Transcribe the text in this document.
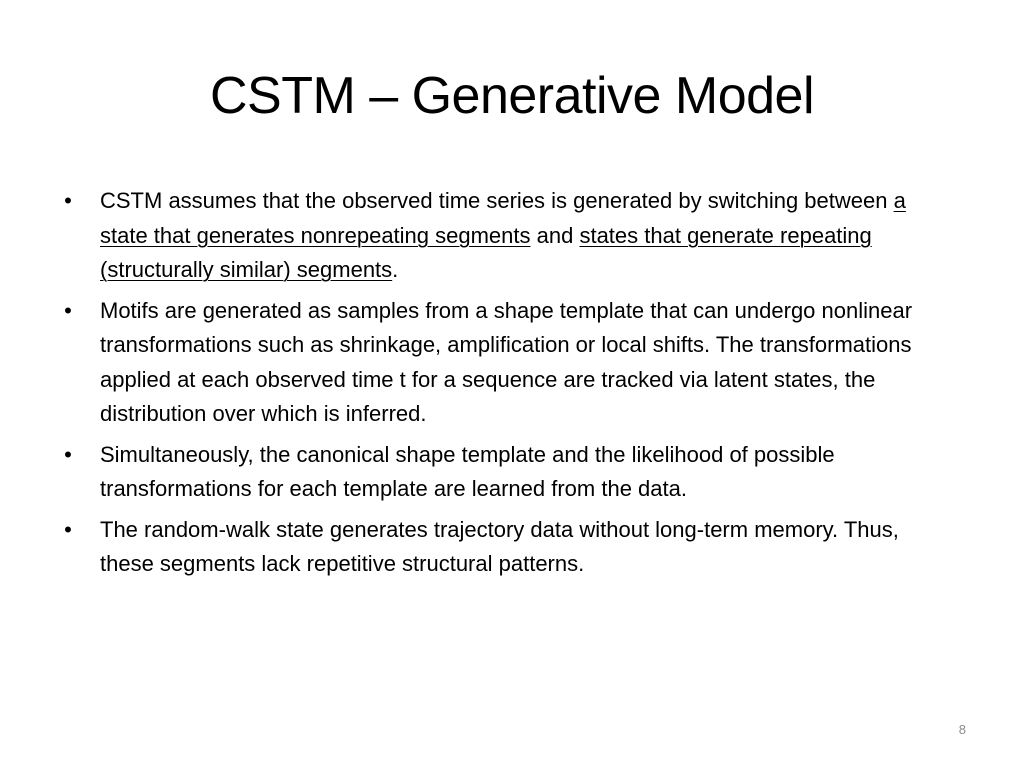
CSTM – Generative Model
• CSTM assumes that the observed time series is generated by switching between a state that generates nonrepeating segments and states that generate repeating (structurally similar) segments.
• Motifs are generated as samples from a shape template that can undergo nonlinear transformations such as shrinkage, amplification or local shifts. The transformations applied at each observed time t for a sequence are tracked via latent states, the distribution over which is inferred.
• Simultaneously, the canonical shape template and the likelihood of possible transformations for each template are learned from the data.
• The random-walk state generates trajectory data without long-term memory. Thus, these segments lack repetitive structural patterns.
8
